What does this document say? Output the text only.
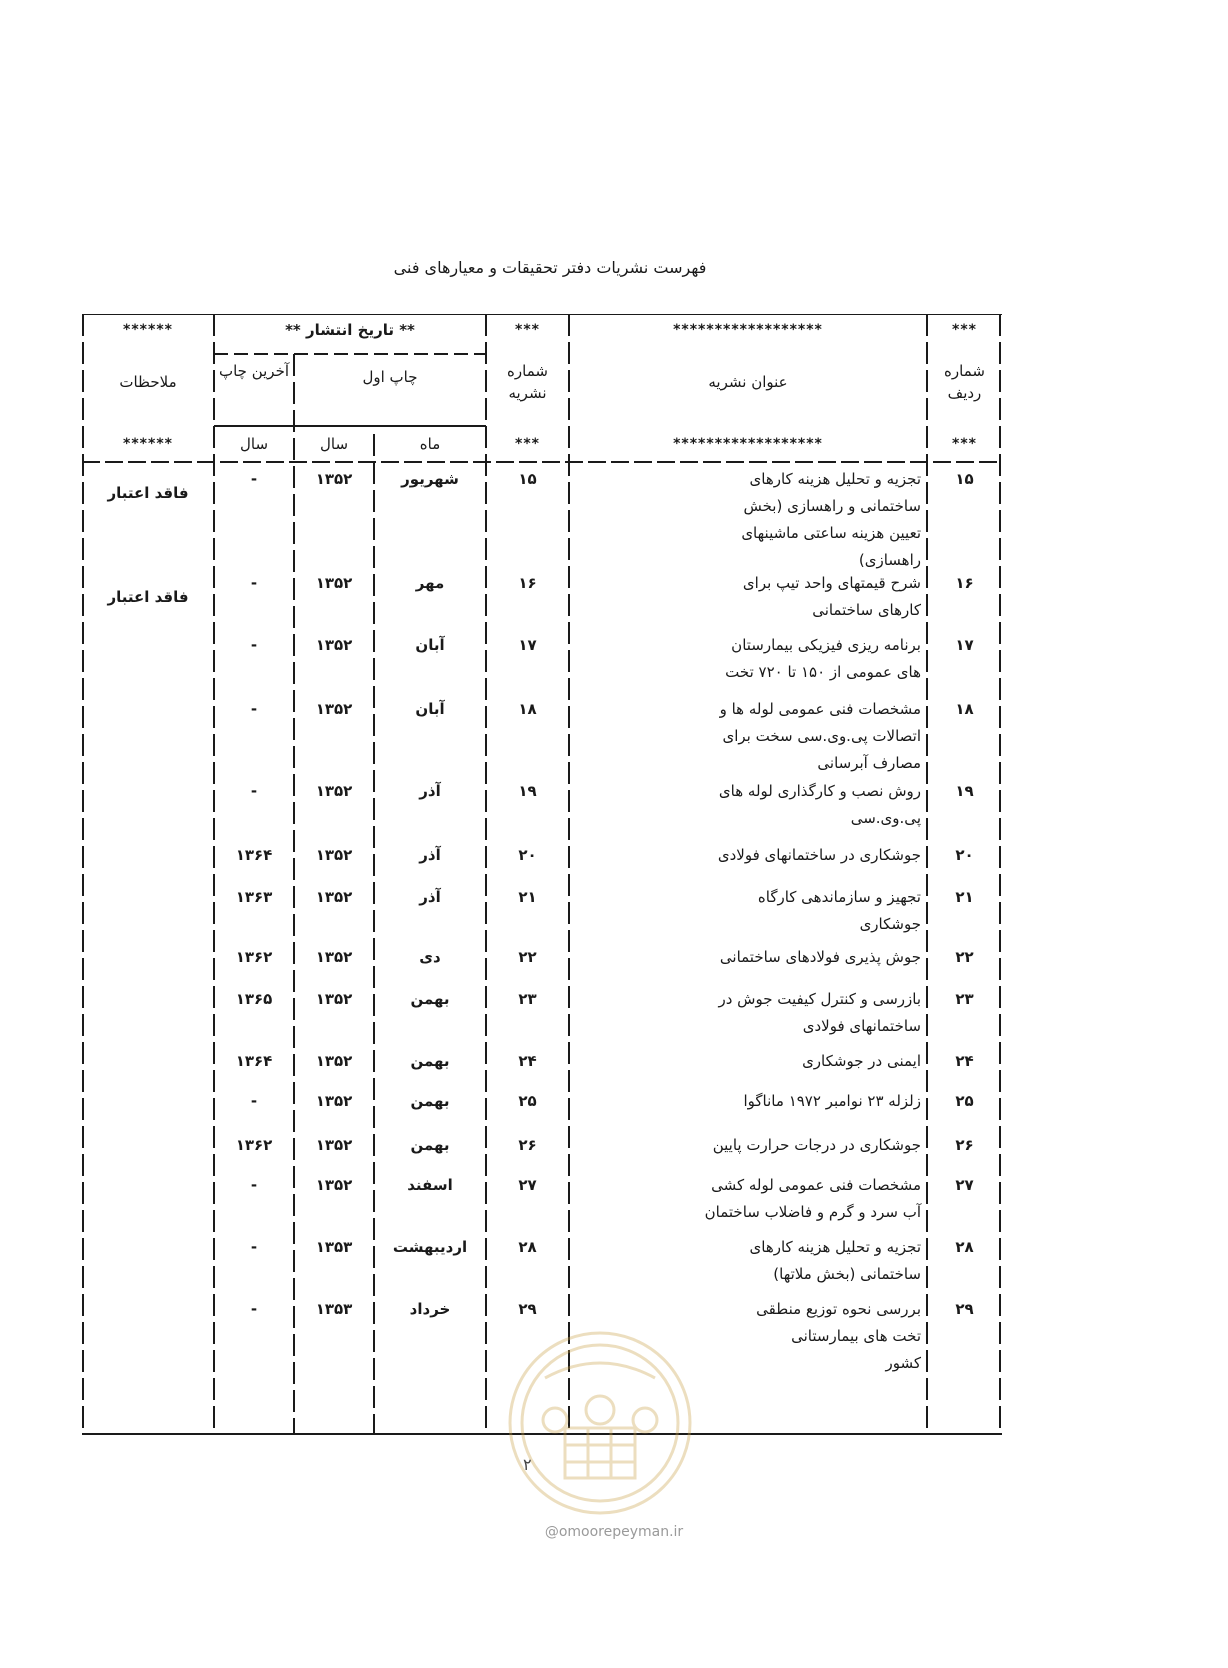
فهرست نشریات دفتر تحقیقات و معیارهای فنی
***
******************
***
** تاریخ انتشار **
******
شماره ردیف
عنوان نشریه
شماره نشریه
چاپ اول
آخرین چاپ
ملاحظات
***
******************
***
ماه
سال
سال
******
۱۵
تجزیه و تحلیل هزینه کارهای
ساختمانی و راهسازی (بخش
تعیین هزینه ساعتی ماشینهای
راهسازی)
۱۵
شهریور
۱۳۵۲
-
فاقد اعتبار
۱۶
شرح قیمتهای واحد تیپ برای
کارهای ساختمانی
۱۶
مهر
۱۳۵۲
-
فاقد اعتبار
۱۷
برنامه ریزی فیزیکی بیمارستان
های عمومی از ۱۵۰ تا ۷۲۰ تخت
۱۷
آبان
۱۳۵۲
-
۱۸
مشخصات فنی عمومی لوله ها و
اتصالات پی.وی.سی سخت برای
مصارف آبرسانی
۱۸
آبان
۱۳۵۲
-
۱۹
روش نصب و کارگذاری لوله های
پی.وی.سی
۱۹
آذر
۱۳۵۲
-
۲۰
جوشکاری در ساختمانهای فولادی
۲۰
آذر
۱۳۵۲
۱۳۶۴
۲۱
تجهیز و سازماندهی کارگاه
جوشکاری
۲۱
آذر
۱۳۵۲
۱۳۶۳
۲۲
جوش پذیری فولادهای ساختمانی
۲۲
دی
۱۳۵۲
۱۳۶۲
۲۳
بازرسی و کنترل کیفیت جوش در
ساختمانهای فولادی
۲۳
بهمن
۱۳۵۲
۱۳۶۵
۲۴
ایمنی در جوشکاری
۲۴
بهمن
۱۳۵۲
۱۳۶۴
۲۵
زلزله ۲۳ نوامبر ۱۹۷۲ ماناگوا
۲۵
بهمن
۱۳۵۲
-
۲۶
جوشکاری در درجات حرارت پایین
۲۶
بهمن
۱۳۵۲
۱۳۶۲
۲۷
مشخصات فنی عمومی لوله کشی
آب سرد و گرم و فاضلاب ساختمان
۲۷
اسفند
۱۳۵۲
-
۲۸
تجزیه و تحلیل هزینه کارهای
ساختمانی (بخش ملاتها)
۲۸
اردیبهشت
۱۳۵۳
-
۲۹
بررسی نحوه توزیع منطقی
تخت های بیمارستانی
کشور
۲۹
خرداد
۱۳۵۳
-
۲
@omoorepeyman.ir
